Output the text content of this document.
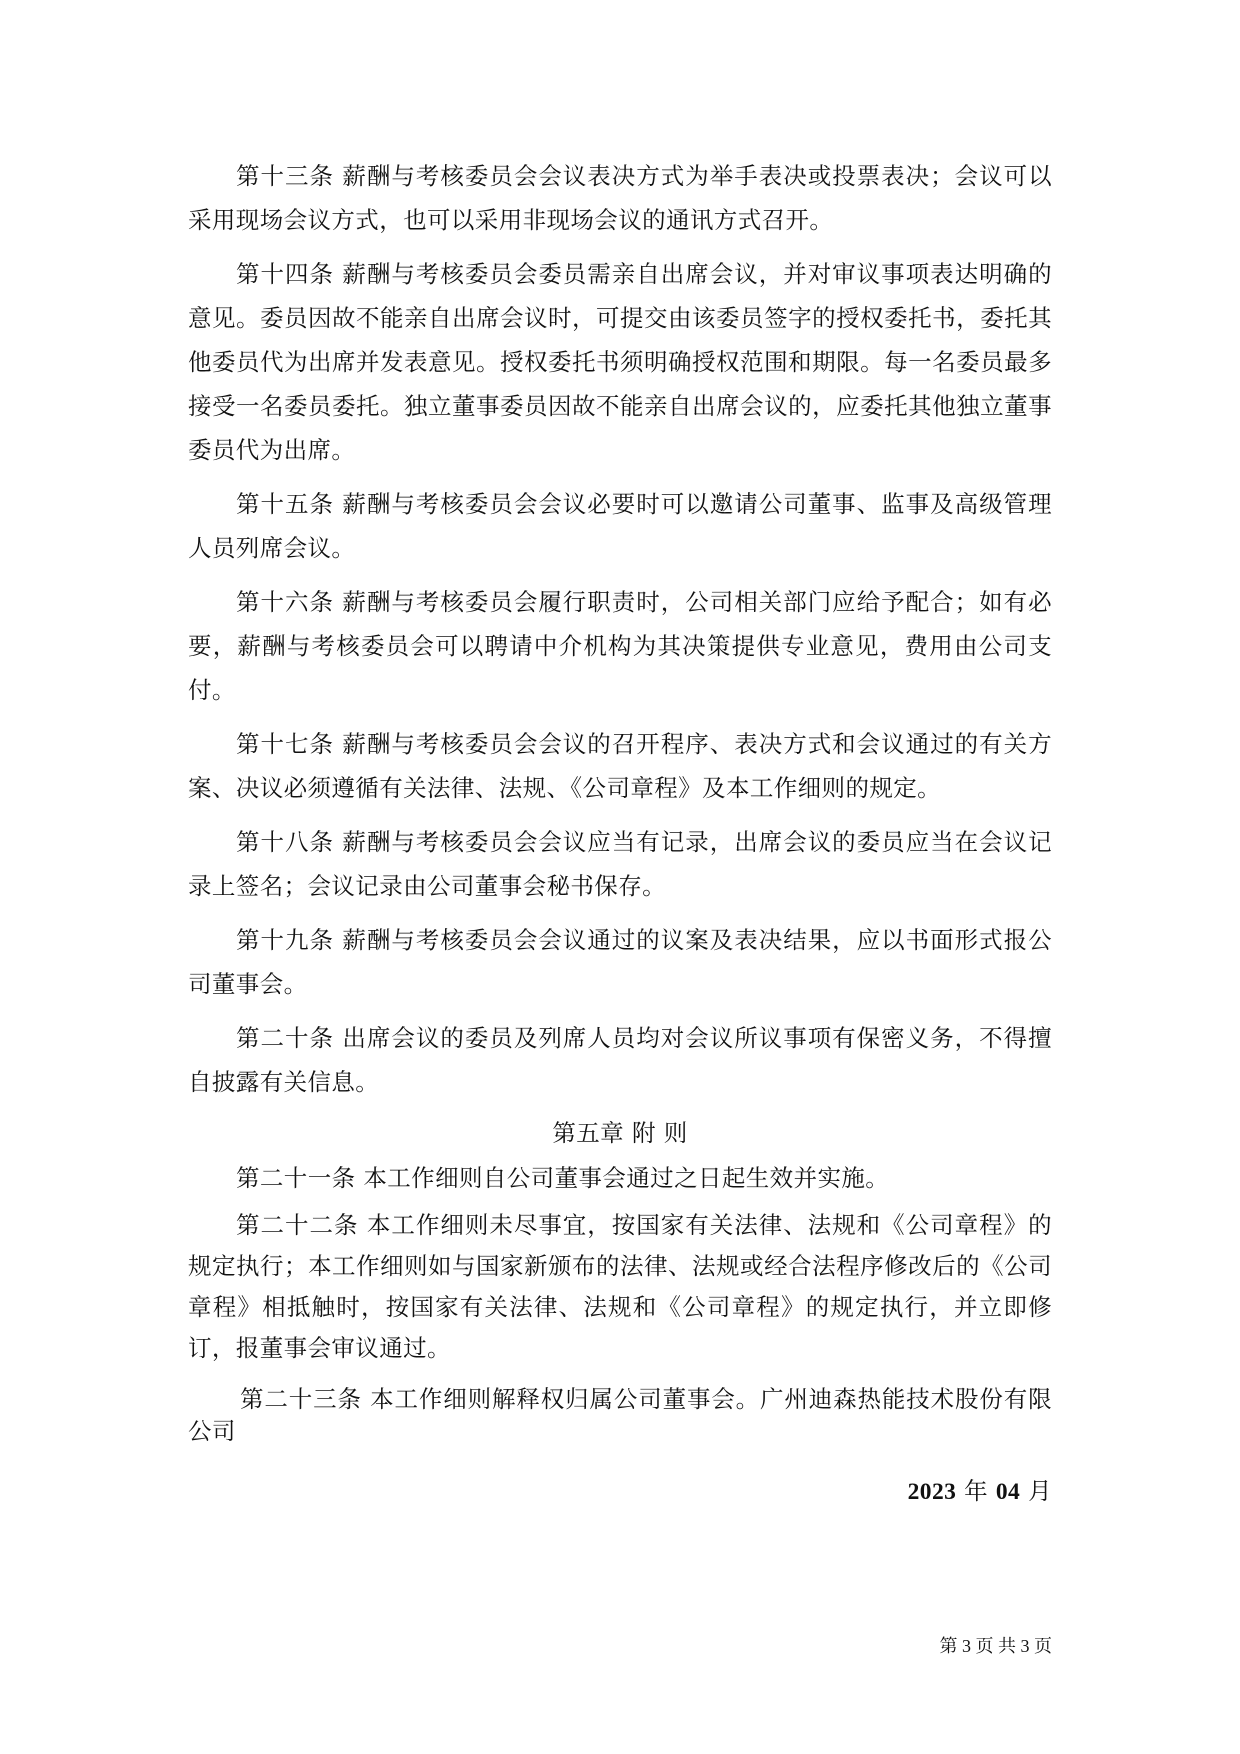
第十三条 薪酬与考核委员会会议表决方式为举手表决或投票表决；会议可以采用现场会议方式，也可以采用非现场会议的通讯方式召开。

第十四条 薪酬与考核委员会委员需亲自出席会议，并对审议事项表达明确的意见。委员因故不能亲自出席会议时，可提交由该委员签字的授权委托书，委托其他委员代为出席并发表意见。授权委托书须明确授权范围和期限。每一名委员最多接受一名委员委托。独立董事委员因故不能亲自出席会议的，应委托其他独立董事委员代为出席。

第十五条 薪酬与考核委员会会议必要时可以邀请公司董事、监事及高级管理人员列席会议。

第十六条 薪酬与考核委员会履行职责时，公司相关部门应给予配合；如有必要，薪酬与考核委员会可以聘请中介机构为其决策提供专业意见，费用由公司支付。

第十七条 薪酬与考核委员会会议的召开程序、表决方式和会议通过的有关方案、决议必须遵循有关法律、法规、《公司章程》及本工作细则的规定。

第十八条 薪酬与考核委员会会议应当有记录，出席会议的委员应当在会议记录上签名；会议记录由公司董事会秘书保存。

第十九条 薪酬与考核委员会会议通过的议案及表决结果，应以书面形式报公司董事会。

第二十条 出席会议的委员及列席人员均对会议所议事项有保密义务，不得擅自披露有关信息。

第五章 附 则

第二十一条 本工作细则自公司董事会通过之日起生效并实施。

第二十二条 本工作细则未尽事宜，按国家有关法律、法规和《公司章程》的规定执行；本工作细则如与国家新颁布的法律、法规或经合法程序修改后的《公司章程》相抵触时，按国家有关法律、法规和《公司章程》的规定执行，并立即修订，报董事会审议通过。

第二十三条 本工作细则解释权归属公司董事会。广州迪森热能技术股份有限公司

2023 年 04 月
第 3 页 共 3 页
